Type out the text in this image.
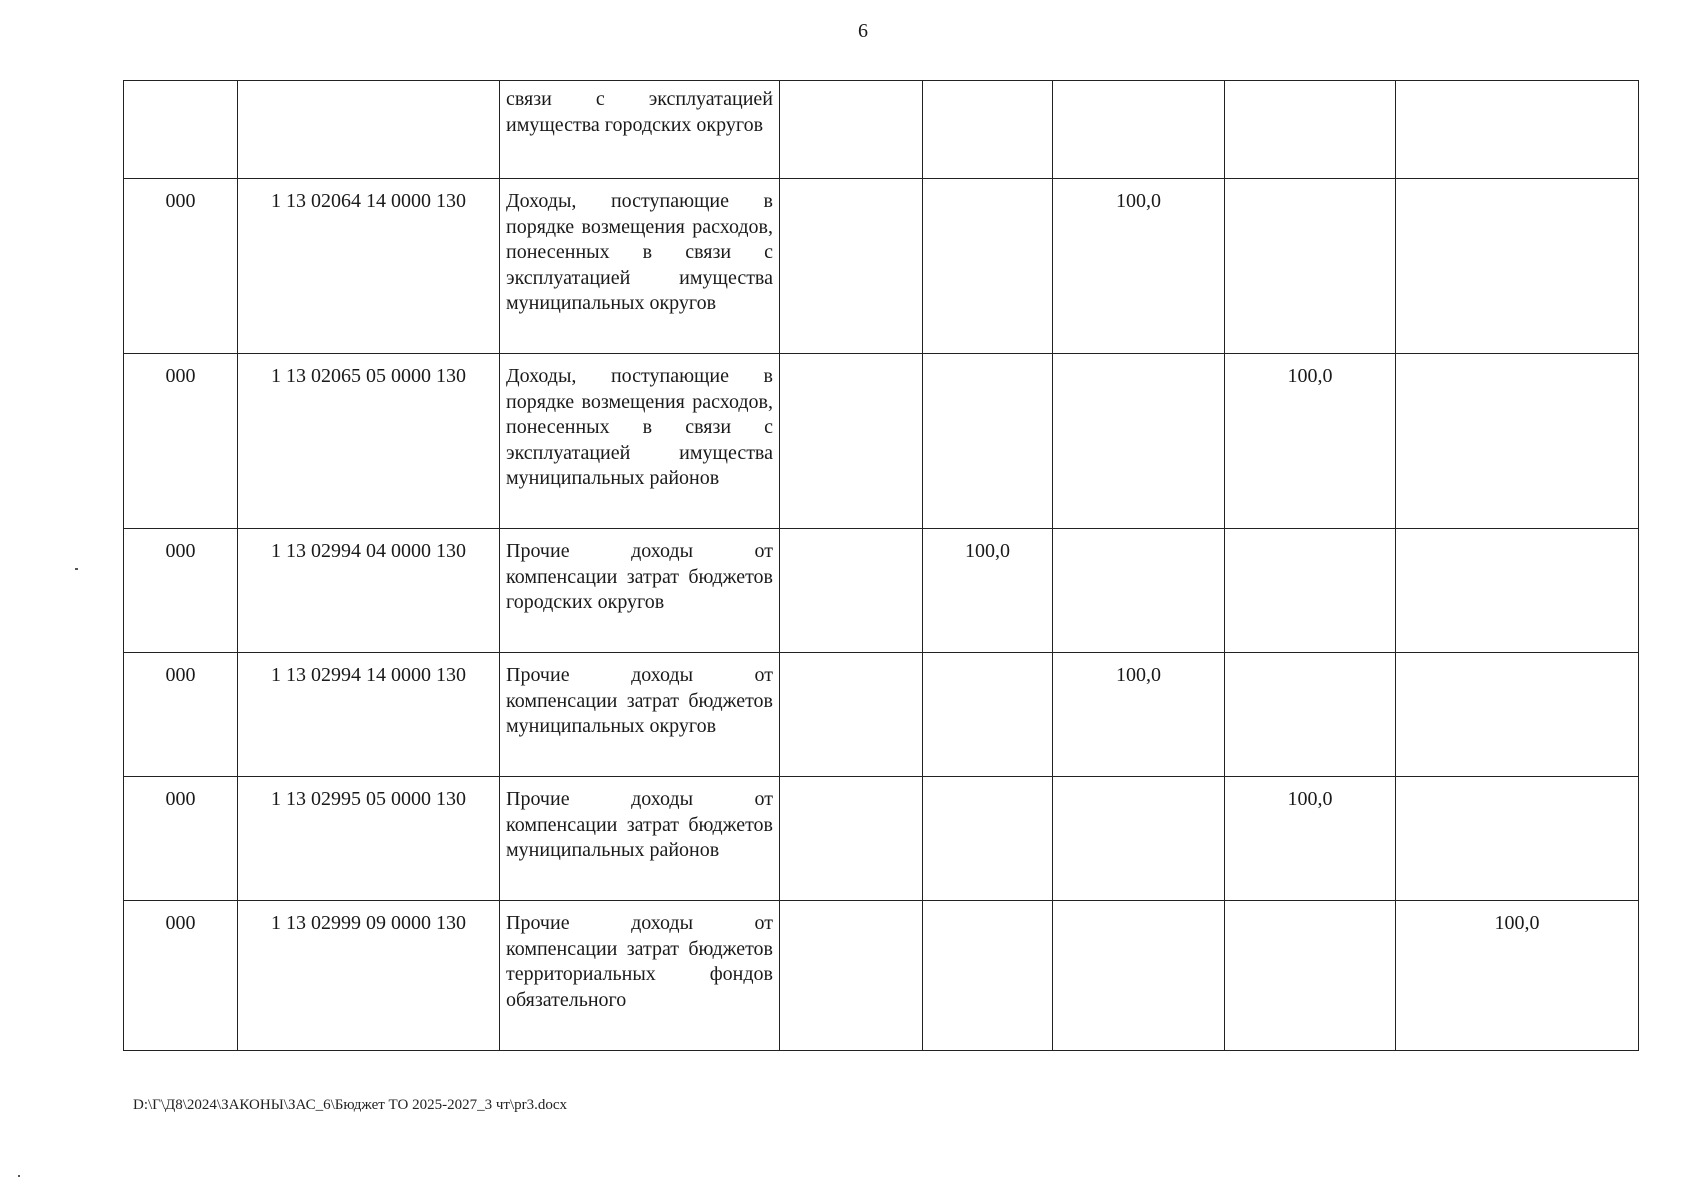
6
		связи с эксплуатацией имущества городских округов					
000	1 13 02064 14 0000 130	Доходы, поступающие в порядке возмещения расходов, понесенных в связи с эксплуатацией имущества муниципальных округов			100,0		
000	1 13 02065 05 0000 130	Доходы, поступающие в порядке возмещения расходов, понесенных в связи с эксплуатацией имущества муниципальных районов				100,0	
000	1 13 02994 04 0000 130	Прочие доходы от компенсации затрат бюджетов городских округов		100,0			
000	1 13 02994 14 0000 130	Прочие доходы от компенсации затрат бюджетов муниципальных округов			100,0		
000	1 13 02995 05 0000 130	Прочие доходы от компенсации затрат бюджетов муниципальных районов				100,0	
000	1 13 02999 09 0000 130	Прочие доходы от компенсации затрат бюджетов территориальных фондов обязательного					100,0
D:\Г\Д8\2024\ЗАКОНЫ\ЗАС_6\Бюджет ТО 2025-2027_3 чт\pr3.docx
